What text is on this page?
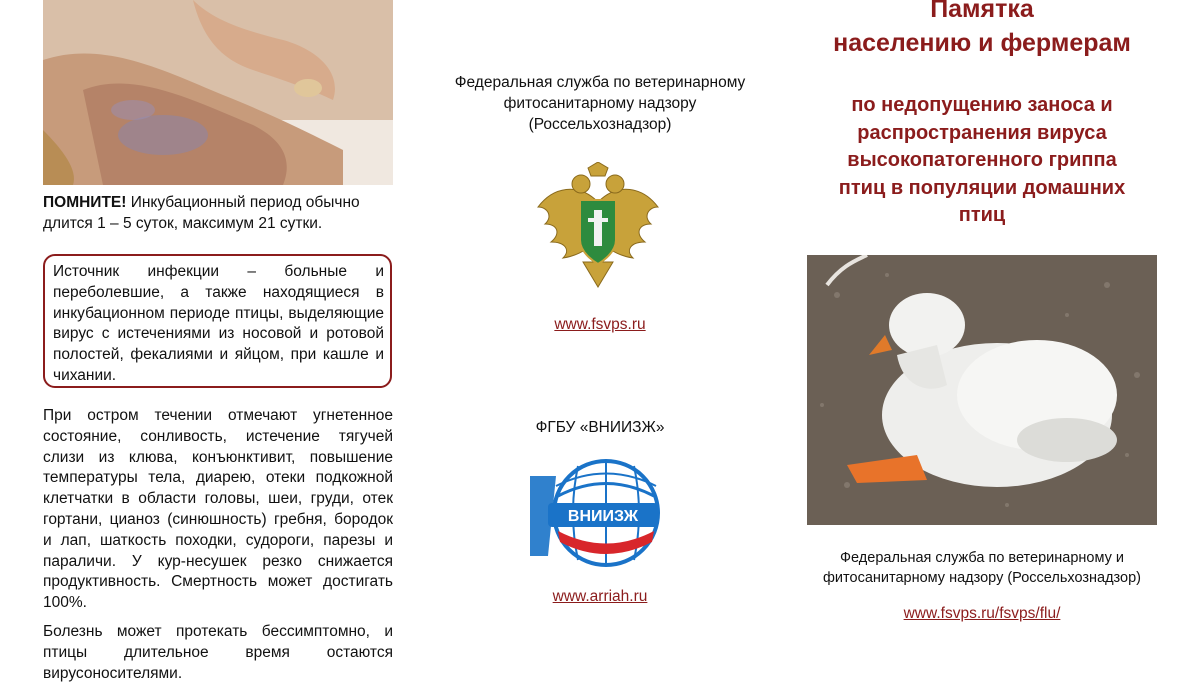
ПОМНИТЕ! Инкубационный период обычно длится 1 – 5 суток, максимум 21 сутки.
Источник инфекции – больные и переболевшие, а также находящиеся в инкубационном периоде птицы, выделяющие вирус с истечениями из носовой и ротовой полостей, фекалиями и яйцом, при кашле и чихании.
При остром течении отмечают угнетенное состояние, сонливость, истечение тягучей слизи из клюва, конъюнктивит, повышение температуры тела, диарею, отеки подкожной клетчатки в области головы, шеи, груди, отек гортани, цианоз (синюшность) гребня, бородок и лап, шаткость походки, судороги, парезы и параличи. У кур-несушек резко снижается продуктивность. Смертность может достигать 100%.
Болезнь может протекать бессимптомно, и птицы длительное время остаются вирусоносителями.
Федеральная служба по ветеринарному
фитосанитарному надзору
(Россельхознадзор)
www.fsvps.ru
ФГБУ «ВНИИЗЖ»
ВНИИЗЖ
www.arriah.ru
Памятка
населению и фермерам
по недопущению заноса и
распространения вируса
высокопатогенного гриппа
птиц в популяции домашних
птиц
Федеральная служба по ветеринарному и
фитосанитарному надзору (Россельхознадзор)
www.fsvps.ru/fsvps/flu/
